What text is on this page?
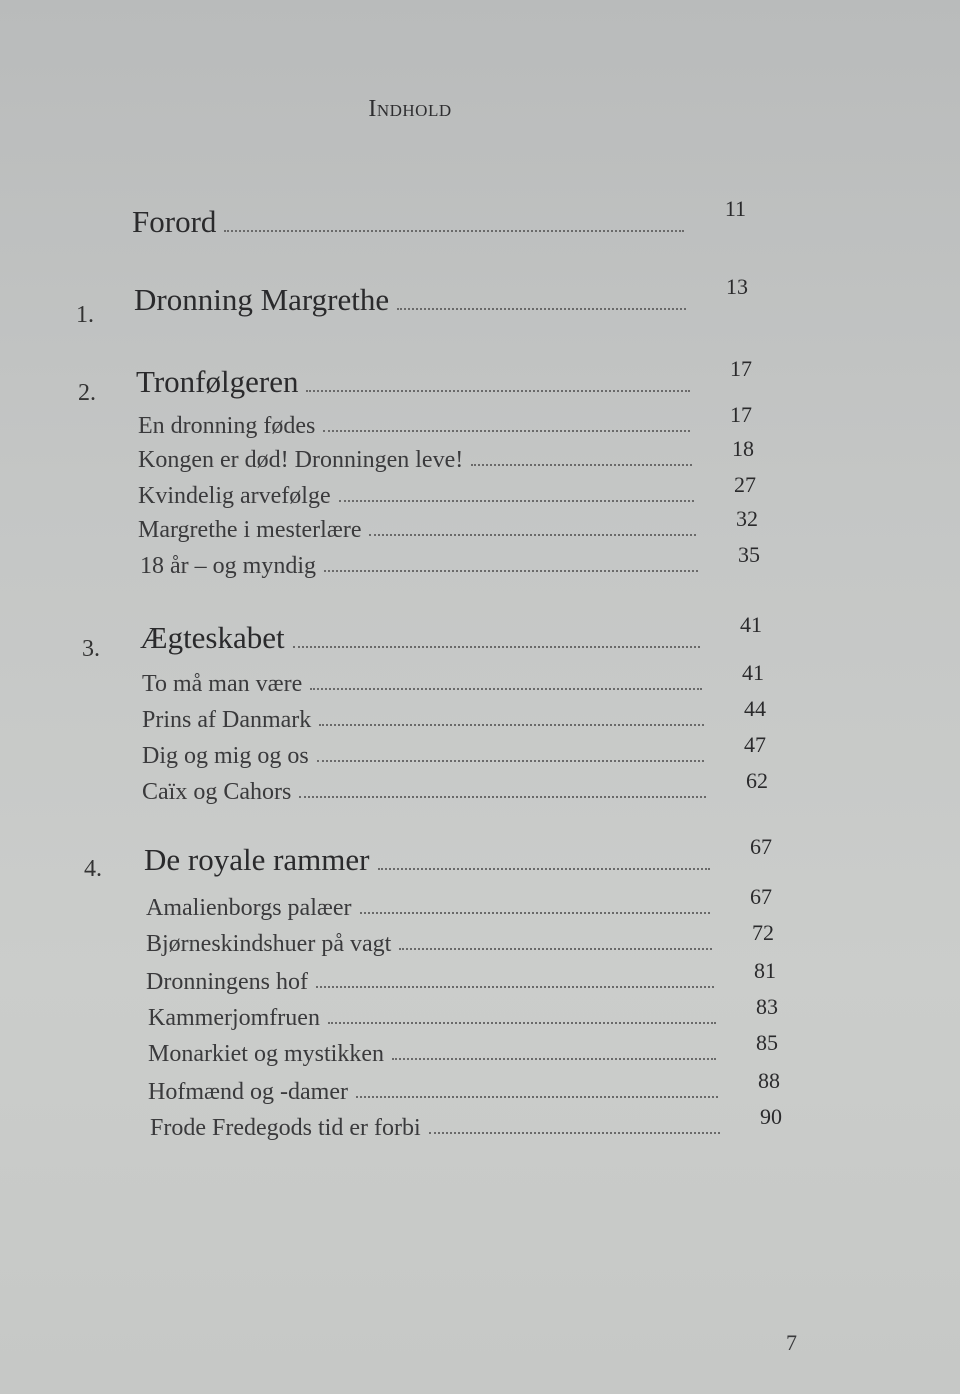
Indhold
Forord	11
1. Dronning Margrethe	13
2. Tronfølgeren	17
En dronning fødes	17
Kongen er død! Dronningen leve!	18
Kvindelig arvefølge	27
Margrethe i mesterlære	32
18 år – og myndig	35
3. Ægteskabet	41
To må man være	41
Prins af Danmark	44
Dig og mig og os	47
Caïx og Cahors	62
4. De royale rammer	67
Amalienborgs palæer	67
Bjørneskindshuer på vagt	72
Dronningens hof	81
Kammerjomfruen	83
Monarkiet og mystikken	85
Hofmænd og -damer	88
Frode Fredegods tid er forbi	90
7
